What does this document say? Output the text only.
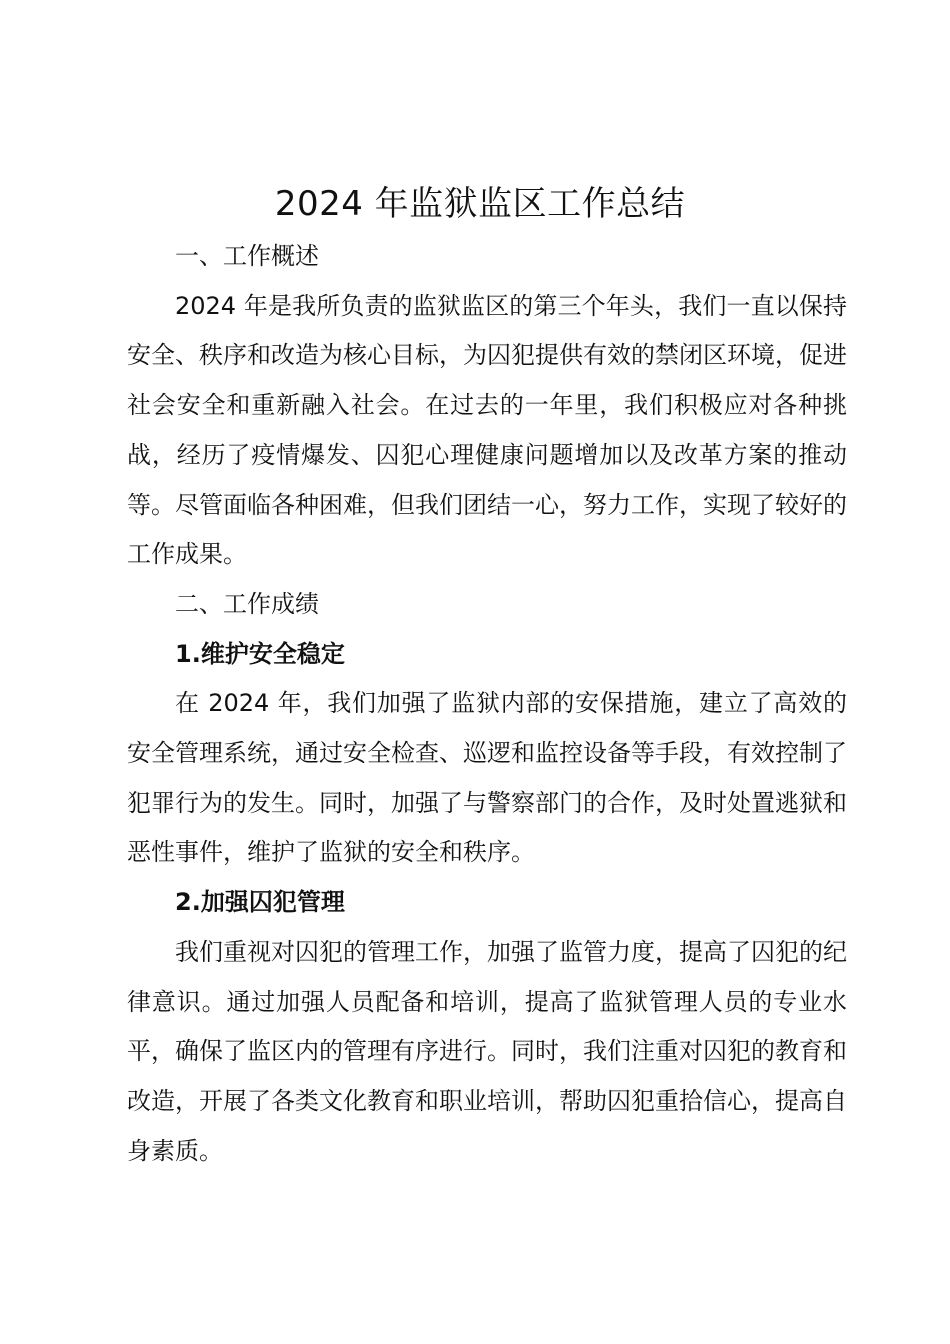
2024 年监狱监区工作总结

一、工作概述

2024 年是我所负责的监狱监区的第三个年头，我们一直以保持安全、秩序和改造为核心目标，为囚犯提供有效的禁闭区环境，促进社会安全和重新融入社会。在过去的一年里，我们积极应对各种挑战，经历了疫情爆发、囚犯心理健康问题增加以及改革方案的推动等。尽管面临各种困难，但我们团结一心，努力工作，实现了较好的工作成果。

二、工作成绩

1.维护安全稳定

在 2024 年，我们加强了监狱内部的安保措施，建立了高效的安全管理系统，通过安全检查、巡逻和监控设备等手段，有效控制了犯罪行为的发生。同时，加强了与警察部门的合作，及时处置逃狱和恶性事件，维护了监狱的安全和秩序。

2.加强囚犯管理

我们重视对囚犯的管理工作，加强了监管力度，提高了囚犯的纪律意识。通过加强人员配备和培训，提高了监狱管理人员的专业水平，确保了监区内的管理有序进行。同时，我们注重对囚犯的教育和改造，开展了各类文化教育和职业培训，帮助囚犯重拾信心，提高自身素质。
